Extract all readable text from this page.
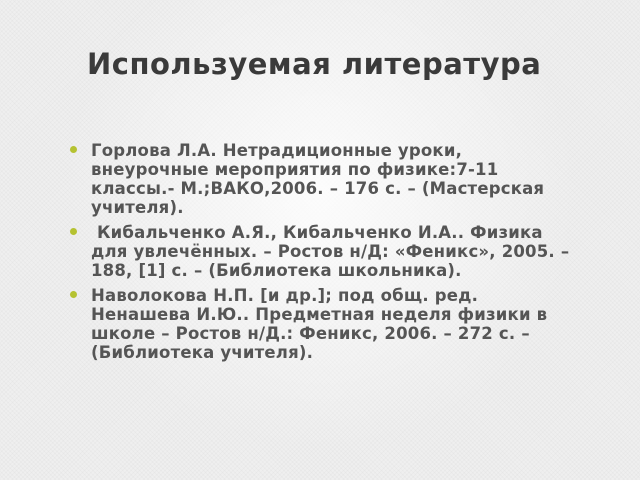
Используемая литература
Горлова Л.А. Нетрадиционные уроки, внеурочные мероприятия по физике:7-11 классы.- М.;ВАКО,2006. – 176 с. – (Мастерская учителя).
Кибальченко А.Я., Кибальченко И.А.. Физика для увлечённых. – Ростов н/Д: «Феникс», 2005. – 188, [1] с. – (Библиотека школьника).
Наволокова Н.П. [и др.]; под общ. ред. Ненашева И.Ю.. Предметная неделя физики в школе – Ростов н/Д.: Феникс, 2006. – 272 с. – (Библиотека учителя).
